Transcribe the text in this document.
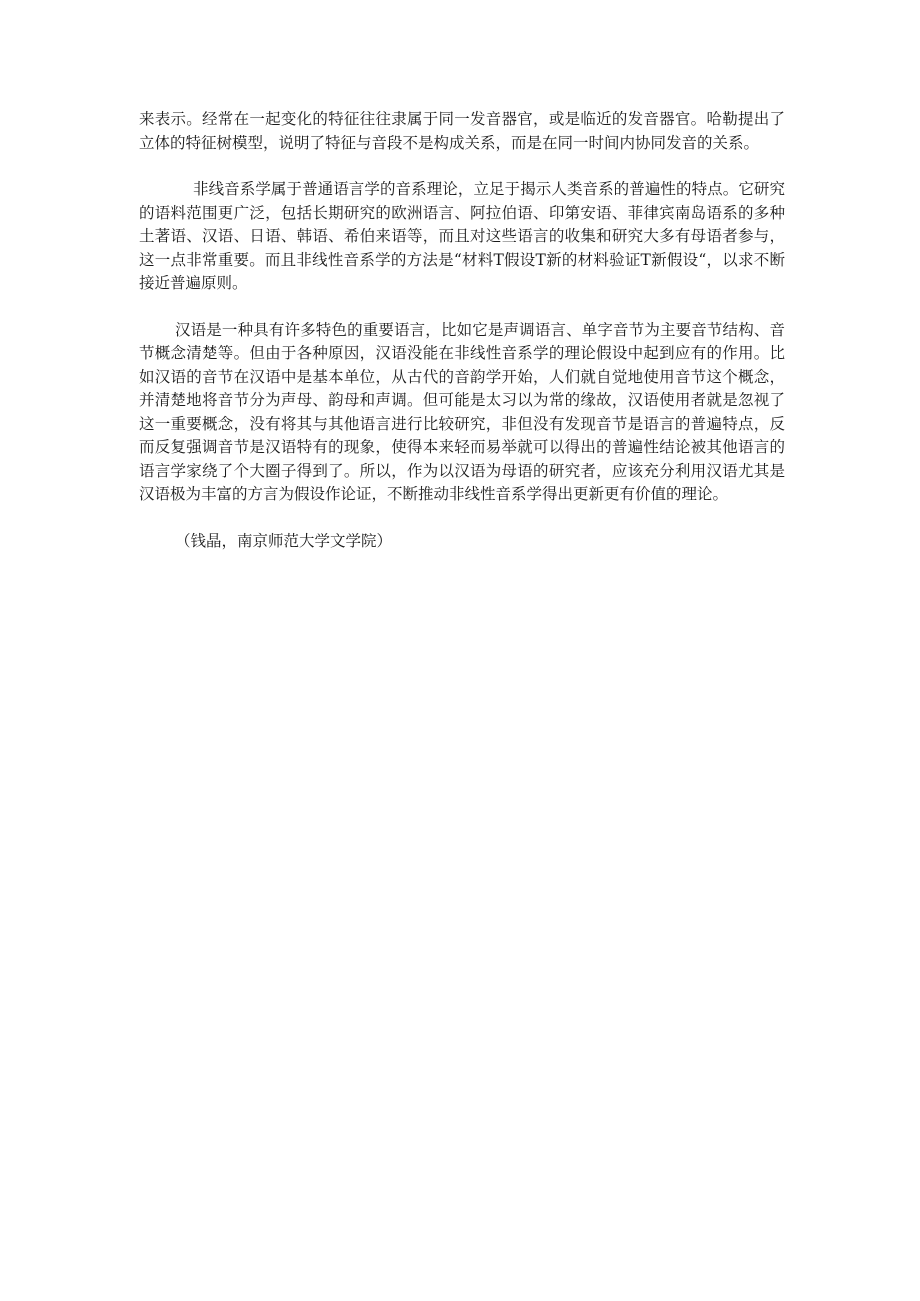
来表示。经常在一起变化的特征往往隶属于同一发音器官，或是临近的发音器官。哈勒提出了立体的特征树模型，说明了特征与音段不是构成关系，而是在同一时间内协同发音的关系。

非线音系学属于普通语言学的音系理论，立足于揭示人类音系的普遍性的特点。它研究的语料范围更广泛，包括长期研究的欧洲语言、阿拉伯语、印第安语、菲律宾南岛语系的多种土著语、汉语、日语、韩语、希伯来语等，而且对这些语言的收集和研究大多有母语者参与，这一点非常重要。而且非线性音系学的方法是“材料T假设T新的材料验证T新假设“，以求不断接近普遍原则。

汉语是一种具有许多特色的重要语言，比如它是声调语言、单字音节为主要音节结构、音节概念清楚等。但由于各种原因，汉语没能在非线性音系学的理论假设中起到应有的作用。比如汉语的音节在汉语中是基本单位，从古代的音韵学开始，人们就自觉地使用音节这个概念，并清楚地将音节分为声母、韵母和声调。但可能是太习以为常的缘故，汉语使用者就是忽视了这一重要概念，没有将其与其他语言进行比较研究，非但没有发现音节是语言的普遍特点，反而反复强调音节是汉语特有的现象，使得本来轻而易举就可以得出的普遍性结论被其他语言的语言学家绕了个大圈子得到了。所以，作为以汉语为母语的研究者，应该充分利用汉语尤其是汉语极为丰富的方言为假设作论证，不断推动非线性音系学得出更新更有价值的理论。

（钱晶，南京师范大学文学院）
